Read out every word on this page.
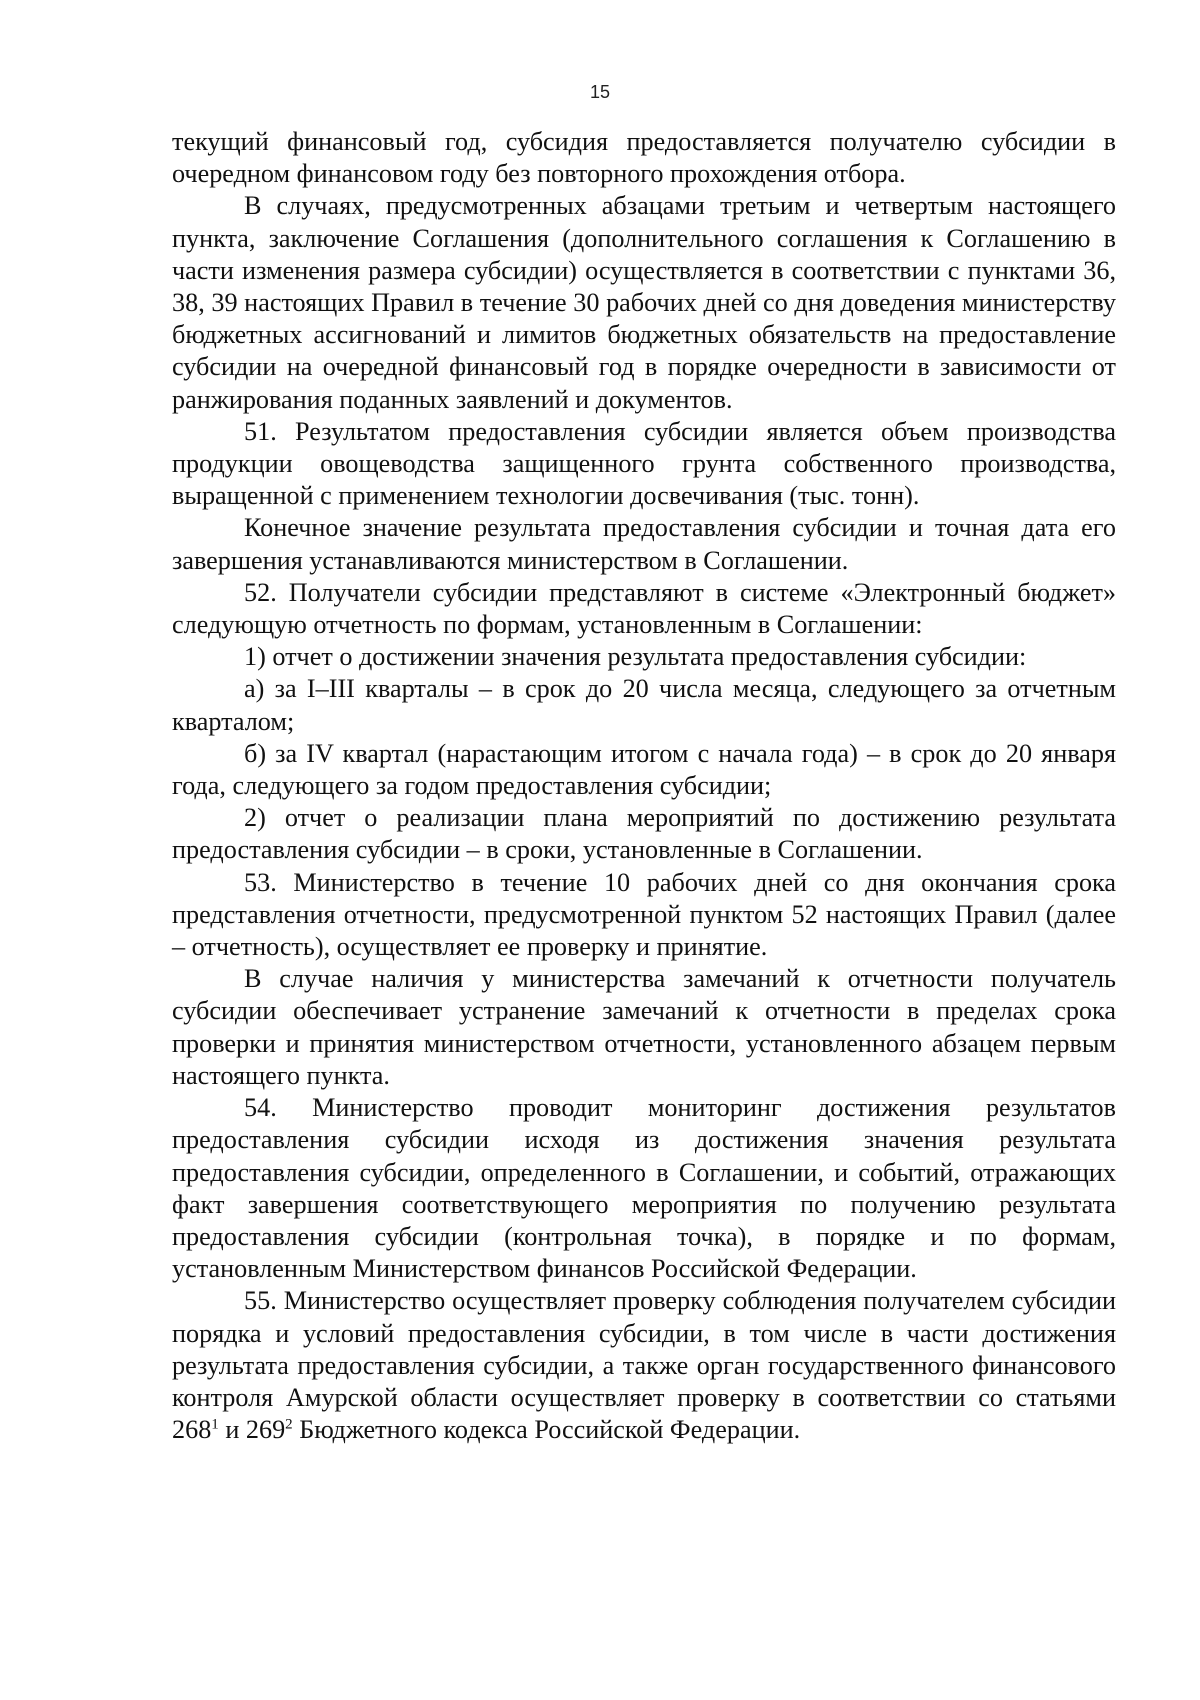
15

текущий финансовый год, субсидия предоставляется получателю субсидии в очередном финансовом году без повторного прохождения отбора.

В случаях, предусмотренных абзацами третьим и четвертым настоящего пункта, заключение Соглашения (дополнительного соглашения к Соглашению в части изменения размера субсидии) осуществляется в соответствии с пунктами 36, 38, 39 настоящих Правил в течение 30 рабочих дней со дня доведения министерству бюджетных ассигнований и лимитов бюджетных обязательств на предоставление субсидии на очередной финансовый год в порядке очередности в зависимости от ранжирования поданных заявлений и документов.

51. Результатом предоставления субсидии является объем производства продукции овощеводства защищенного грунта собственного производства, выращенной с применением технологии досвечивания (тыс. тонн).

Конечное значение результата предоставления субсидии и точная дата его завершения устанавливаются министерством в Соглашении.

52. Получатели субсидии представляют в системе «Электронный бюджет» следующую отчетность по формам, установленным в Соглашении:

1) отчет о достижении значения результата предоставления субсидии:

а) за I–III кварталы – в срок до 20 числа месяца, следующего за отчетным кварталом;

б) за IV квартал (нарастающим итогом с начала года) – в срок до 20 января года, следующего за годом предоставления субсидии;

2) отчет о реализации плана мероприятий по достижению результата предоставления субсидии – в сроки, установленные в Соглашении.

53. Министерство в течение 10 рабочих дней со дня окончания срока представления отчетности, предусмотренной пунктом 52 настоящих Правил (далее – отчетность), осуществляет ее проверку и принятие.

В случае наличия у министерства замечаний к отчетности получатель субсидии обеспечивает устранение замечаний к отчетности в пределах срока проверки и принятия министерством отчетности, установленного абзацем первым настоящего пункта.

54. Министерство проводит мониторинг достижения результатов предоставления субсидии исходя из достижения значения результата предоставления субсидии, определенного в Соглашении, и событий, отражающих факт завершения соответствующего мероприятия по получению результата предоставления субсидии (контрольная точка), в порядке и по формам, установленным Министерством финансов Российской Федерации.

55. Министерство осуществляет проверку соблюдения получателем субсидии порядка и условий предоставления субсидии, в том числе в части достижения результата предоставления субсидии, а также орган государственного финансового контроля Амурской области осуществляет проверку в соответствии со статьями $268^1$ и $269^2$ Бюджетного кодекса Российской Федерации.
